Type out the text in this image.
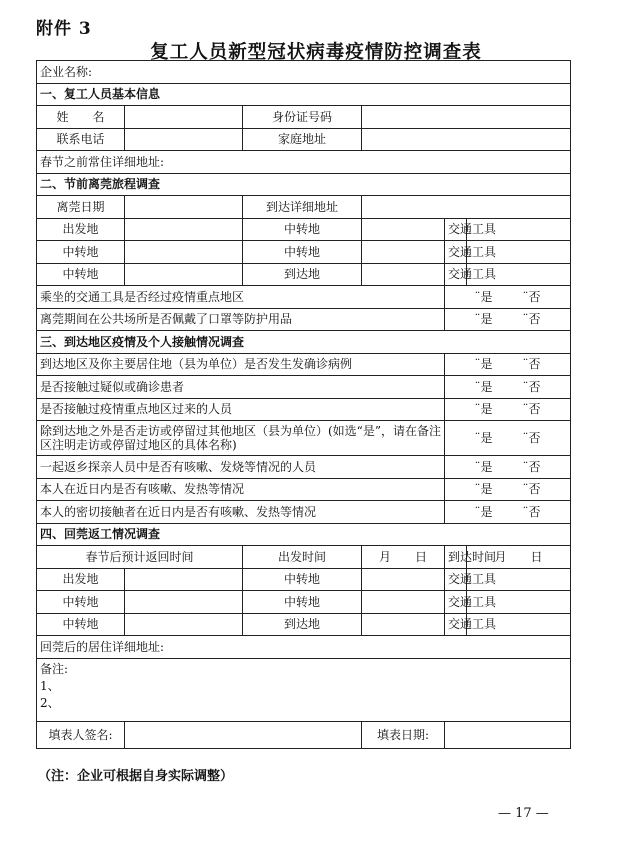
附件 3
复工人员新型冠状病毒疫情防控调查表
企业名称:					
一、复工人员基本信息					
姓　　名		身份证号码			
联系电话		家庭地址			
春节之前常住详细地址:					
二、节前离莞旅程调查					
离莞日期		到达详细地址			
出发地		中转地		交通工具	
中转地		中转地		交通工具	
中转地		到达地		交通工具	
乘坐的交通工具是否经过疫情重点地区				¨是 ¨否	
离莞期间在公共场所是否佩戴了口罩等防护用品				¨是 ¨否	
三、到达地区疫情及个人接触情况调查					
到达地区及你主要居住地（县为单位）是否发生发确诊病例				¨是 ¨否	
是否接触过疑似或确诊患者				¨是 ¨否	
是否接触过疫情重点地区过来的人员				¨是 ¨否	
除到达地之外是否走访或停留过其他地区（县为单位）(如选“是”，请在备注区注明走访或停留过地区的具体名称)				¨是 ¨否	
一起返乡探亲人员中是否有咳嗽、发烧等情况的人员				¨是 ¨否	
本人在近日内是否有咳嗽、发热等情况				¨是 ¨否	
本人的密切接触者在近日内是否有咳嗽、发热等情况				¨是 ¨否	
四、回莞返工情况调查					
春节后预计返回时间		出发时间	月　　日	到达时间	月　　日
出发地		中转地		交通工具	
中转地		中转地		交通工具	
中转地		到达地		交通工具	
回莞后的居住详细地址:					

备注:
1、
2、					

填表人签名:			填表日期:		
（注：企业可根据自身实际调整）
— 17 —
